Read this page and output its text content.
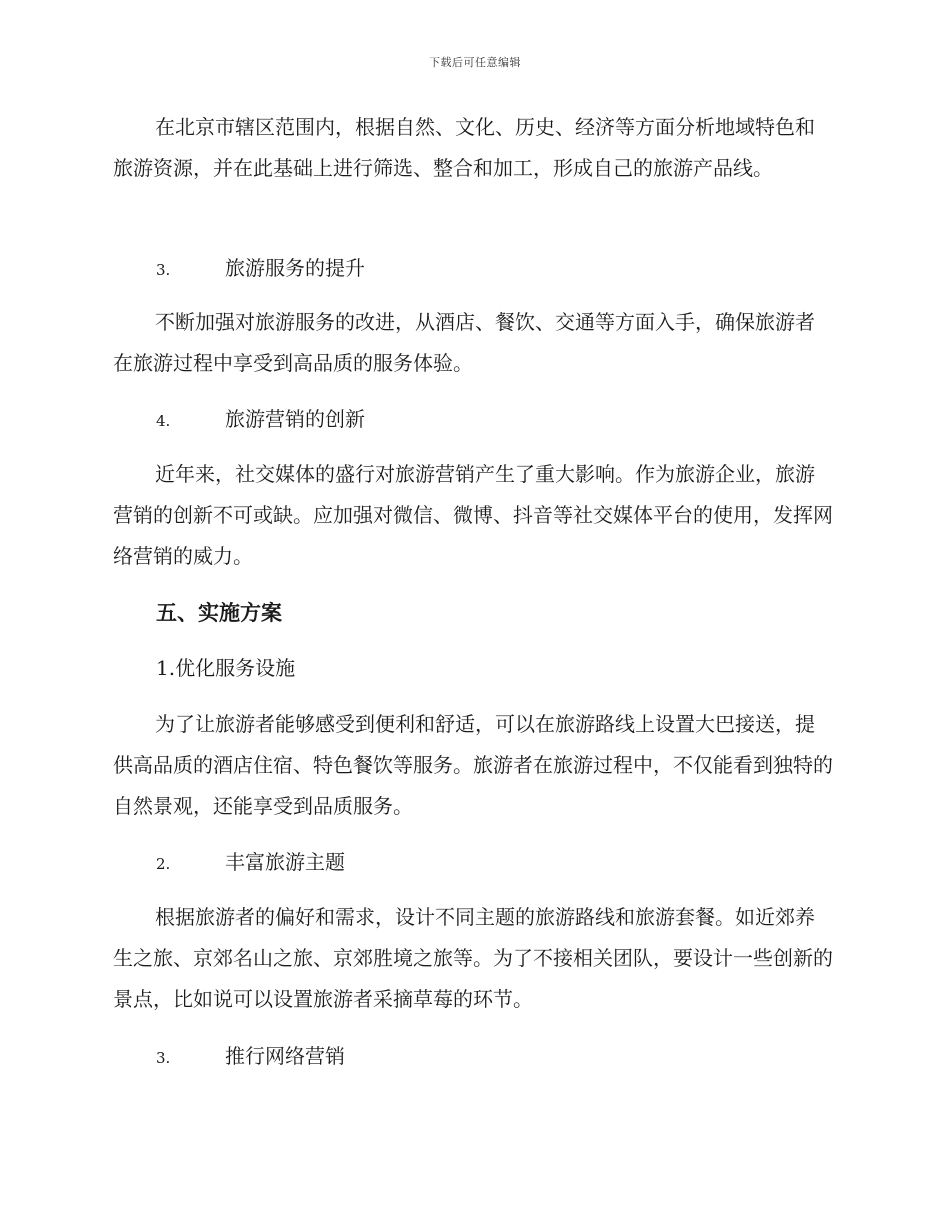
下载后可任意编辑

在北京市辖区范围内，根据自然、文化、历史、经济等方面分析地域特色和旅游资源，并在此基础上进行筛选、整合和加工，形成自己的旅游产品线。

3.	旅游服务的提升

不断加强对旅游服务的改进，从酒店、餐饮、交通等方面入手，确保旅游者在旅游过程中享受到高品质的服务体验。

4.	旅游营销的创新

近年来，社交媒体的盛行对旅游营销产生了重大影响。作为旅游企业，旅游营销的创新不可或缺。应加强对微信、微博、抖音等社交媒体平台的使用，发挥网络营销的威力。

五、实施方案
1.优化服务设施

为了让旅游者能够感受到便利和舒适，可以在旅游路线上设置大巴接送，提供高品质的酒店住宿、特色餐饮等服务。旅游者在旅游过程中，不仅能看到独特的自然景观，还能享受到品质服务。

2.	丰富旅游主题

根据旅游者的偏好和需求，设计不同主题的旅游路线和旅游套餐。如近郊养生之旅、京郊名山之旅、京郊胜境之旅等。为了不接相关团队，要设计一些创新的景点，比如说可以设置旅游者采摘草莓的环节。

3.	推行网络营销
